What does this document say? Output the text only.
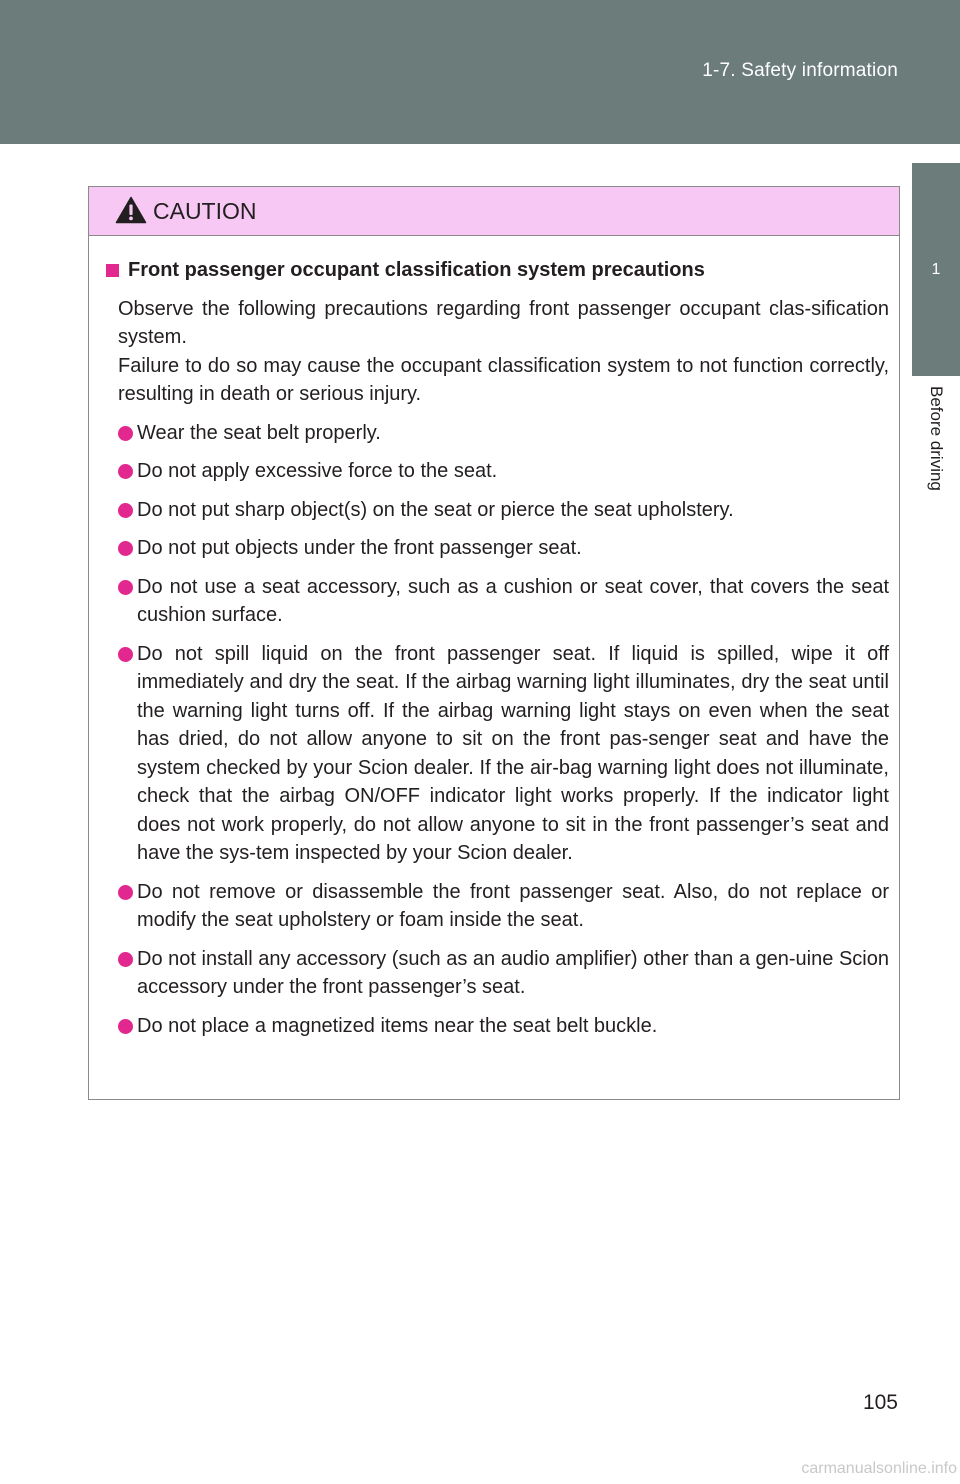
1-7. Safety information
1
Before driving
CAUTION
Front passenger occupant classification system precautions

Observe the following precautions regarding front passenger occupant clas-sification system.

Failure to do so may cause the occupant classification system to not function correctly, resulting in death or serious injury.

Wear the seat belt properly.
Do not apply excessive force to the seat.
Do not put sharp object(s) on the seat or pierce the seat upholstery.
Do not put objects under the front passenger seat.
Do not use a seat accessory, such as a cushion or seat cover, that covers the seat cushion surface.
Do not spill liquid on the front passenger seat. If liquid is spilled, wipe it off immediately and dry the seat. If the airbag warning light illuminates, dry the seat until the warning light turns off. If the airbag warning light stays on even when the seat has dried, do not allow anyone to sit on the front pas-senger seat and have the system checked by your Scion dealer. If the air-bag warning light does not illuminate, check that the airbag ON/OFF indicator light works properly. If the indicator light does not work properly, do not allow anyone to sit in the front passenger’s seat and have the sys-tem inspected by your Scion dealer.
Do not remove or disassemble the front passenger seat. Also, do not replace or modify the seat upholstery or foam inside the seat.
Do not install any accessory (such as an audio amplifier) other than a gen-uine Scion accessory under the front passenger’s seat.
Do not place a magnetized items near the seat belt buckle.
105
carmanualsonline.info
